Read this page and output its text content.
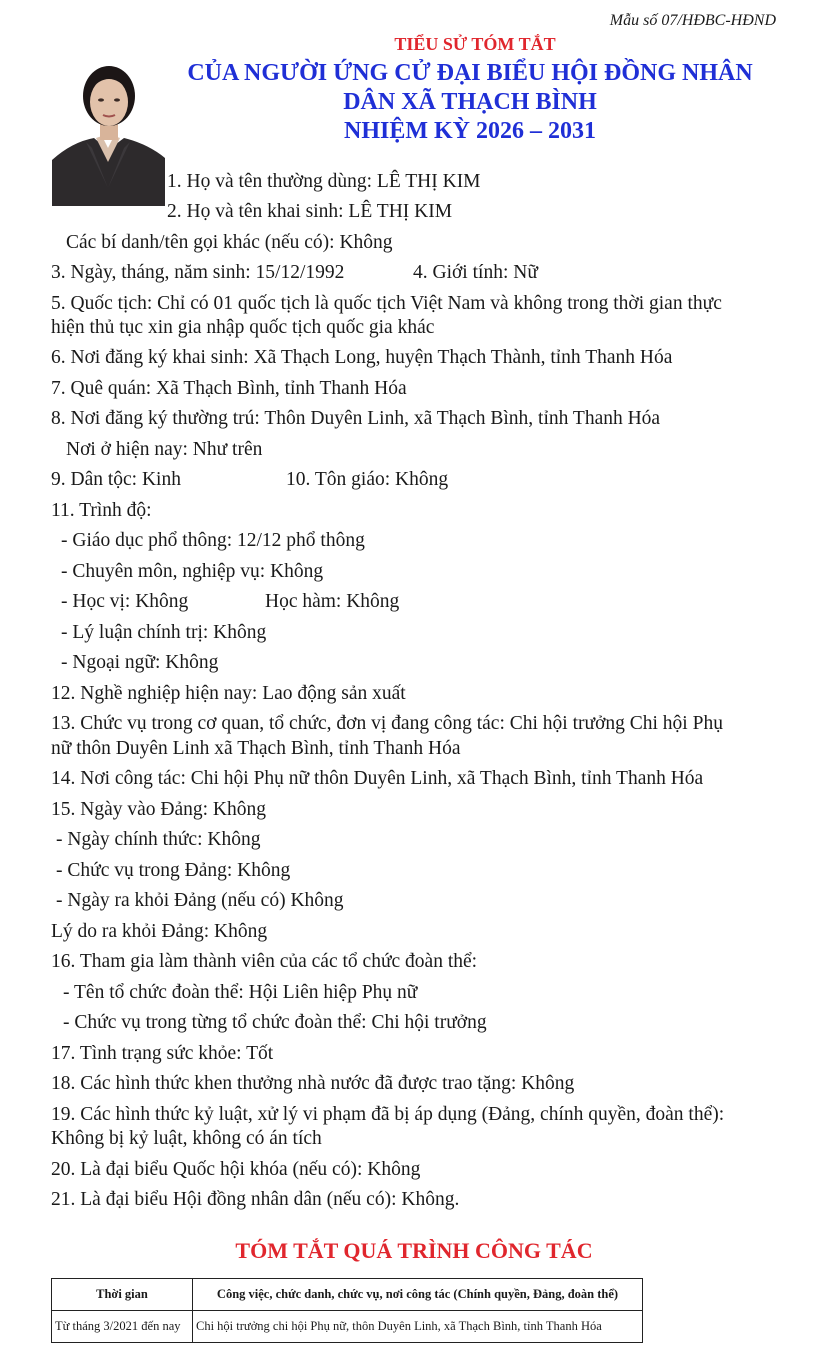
Mẫu số 07/HĐBC-HĐND
TIỂU SỬ TÓM TẮT
CỦA NGƯỜI ỨNG CỬ ĐẠI BIỂU HỘI ĐỒNG NHÂN
DÂN XÃ THẠCH BÌNH
NHIỆM KỲ 2026 – 2031
1. Họ và tên thường dùng: LÊ THỊ KIM
2. Họ và tên khai sinh: LÊ THỊ KIM
Các bí danh/tên gọi khác (nếu có): Không
3. Ngày, tháng, năm sinh: 15/12/1992	4. Giới tính: Nữ
5. Quốc tịch: Chỉ có 01 quốc tịch là quốc tịch Việt Nam và không trong thời gian thực
hiện thủ tục xin gia nhập quốc tịch quốc gia khác
6. Nơi đăng ký khai sinh: Xã Thạch Long, huyện Thạch Thành, tỉnh Thanh Hóa
7. Quê quán: Xã Thạch Bình, tỉnh Thanh Hóa
8. Nơi đăng ký thường trú: Thôn Duyên Linh, xã Thạch Bình, tỉnh Thanh Hóa
Nơi ở hiện nay: Như trên
9. Dân tộc: Kinh	10. Tôn giáo: Không
11. Trình độ:
- Giáo dục phổ thông: 12/12 phổ thông
- Chuyên môn, nghiệp vụ: Không
- Học vị: Không	Học hàm: Không
- Lý luận chính trị: Không
- Ngoại ngữ: Không
12. Nghề nghiệp hiện nay: Lao động sản xuất
13. Chức vụ trong cơ quan, tổ chức, đơn vị đang công tác: Chi hội trưởng Chi hội Phụ
nữ thôn Duyên Linh xã Thạch Bình, tỉnh Thanh Hóa
14. Nơi công tác: Chi hội Phụ nữ thôn Duyên Linh, xã Thạch Bình, tỉnh Thanh Hóa
15. Ngày vào Đảng: Không
- Ngày chính thức: Không
- Chức vụ trong Đảng: Không
- Ngày ra khỏi Đảng (nếu có) Không
Lý do ra khỏi Đảng: Không
16. Tham gia làm thành viên của các tổ chức đoàn thể:
- Tên tổ chức đoàn thể: Hội Liên hiệp Phụ nữ
- Chức vụ trong từng tổ chức đoàn thể: Chi hội trưởng
17. Tình trạng sức khỏe: Tốt
18. Các hình thức khen thưởng nhà nước đã được trao tặng: Không
19. Các hình thức kỷ luật, xử lý vi phạm đã bị áp dụng (Đảng, chính quyền, đoàn thể):
Không bị kỷ luật, không có án tích
20. Là đại biểu Quốc hội khóa (nếu có): Không
21. Là đại biểu Hội đồng nhân dân (nếu có): Không.
TÓM TẮT QUÁ TRÌNH CÔNG TÁC
Thời gian	Công việc, chức danh, chức vụ, nơi công tác (Chính quyền, Đảng, đoàn thể)
Từ tháng 3/2021 đến nay	Chi hội trưởng chi hội Phụ nữ, thôn Duyên Linh, xã Thạch Bình, tỉnh Thanh Hóa
